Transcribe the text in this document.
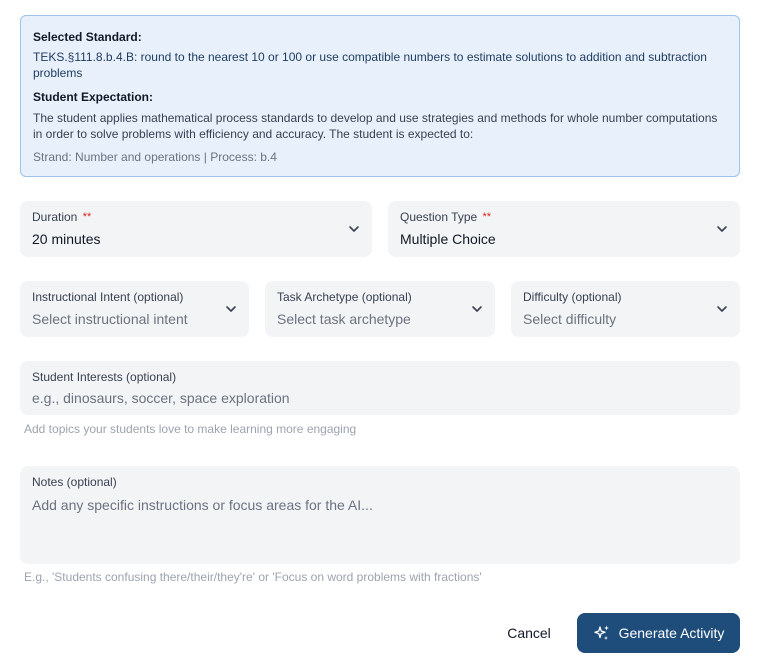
Selected Standard:
TEKS.§111.8.b.4.B: round to the nearest 10 or 100 or use compatible numbers to estimate solutions to addition and subtraction problems
Student Expectation:
The student applies mathematical process standards to develop and use strategies and methods for whole number computations in order to solve problems with efficiency and accuracy. The student is expected to:
Strand: Number and operations | Process: b.4
Duration **
20 minutes
Question Type **
Multiple Choice
Instructional Intent (optional)
Select instructional intent
Task Archetype (optional)
Select task archetype
Difficulty (optional)
Select difficulty
Student Interests (optional)
e.g., dinosaurs, soccer, space exploration
Add topics your students love to make learning more engaging
Notes (optional)
Add any specific instructions or focus areas for the AI...
E.g., 'Students confusing there/their/they're' or 'Focus on word problems with fractions'
Cancel	Generate Activity
